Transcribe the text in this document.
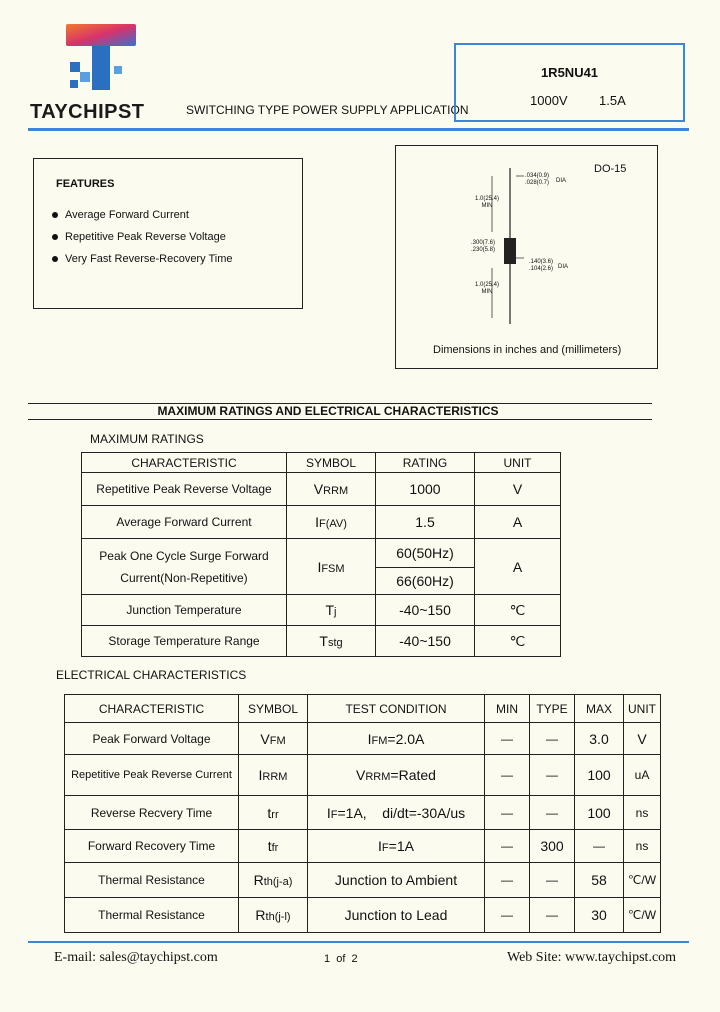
TAYCHIPST	SWITCHING TYPE POWER SUPPLY APPLICATION
1R5NU41
1000V 1.5A
FEATURES
Average Forward Current
Repetitive Peak Reverse Voltage
Very Fast Reverse-Recovery Time
DO-15
1.0(25.4)
MIN
.034(0.9)
.028(0.7) DIA
.300(7.6)
.230(5.8)
.140(3.6)
.104(2.6) DIA
1.0(25.4)
MIN
Dimensions in inches and (millimeters)
MAXIMUM RATINGS AND ELECTRICAL CHARACTERISTICS
MAXIMUM RATINGS
CHARACTERISTIC	SYMBOL	RATING	UNIT
Repetitive Peak Reverse Voltage	VRRM	1000	V
Average Forward Current	IF(AV)	1.5	A
Peak One Cycle Surge Forward
Current(Non-Repetitive)	IFSM	60(50Hz)	A
		66(60Hz)	
Junction Temperature	Tj	-40~150	℃
Storage Temperature Range	Tstg	-40~150	℃
ELECTRICAL CHARACTERISTICS
CHARACTERISTIC	SYMBOL	TEST CONDITION	MIN	TYPE	MAX	UNIT
Peak Forward Voltage	VFM	IFM=2.0A	—	—	3.0	V
Repetitive Peak Reverse Current	IRRM	VRRM=Rated	—	—	100	uA
Reverse Recvery Time	trr	IF=1A,    di/dt=-30A/us	—	—	100	ns
Forward Recovery Time	tfr	IF=1A	—	300	—	ns
Thermal Resistance	Rth(j-a)	Junction to Ambient	—	—	58	℃/W
Thermal Resistance	Rth(j-l)	Junction to Lead	—	—	30	℃/W
E-mail: sales@taychipst.com	1  of  2	Web Site: www.taychipst.com
